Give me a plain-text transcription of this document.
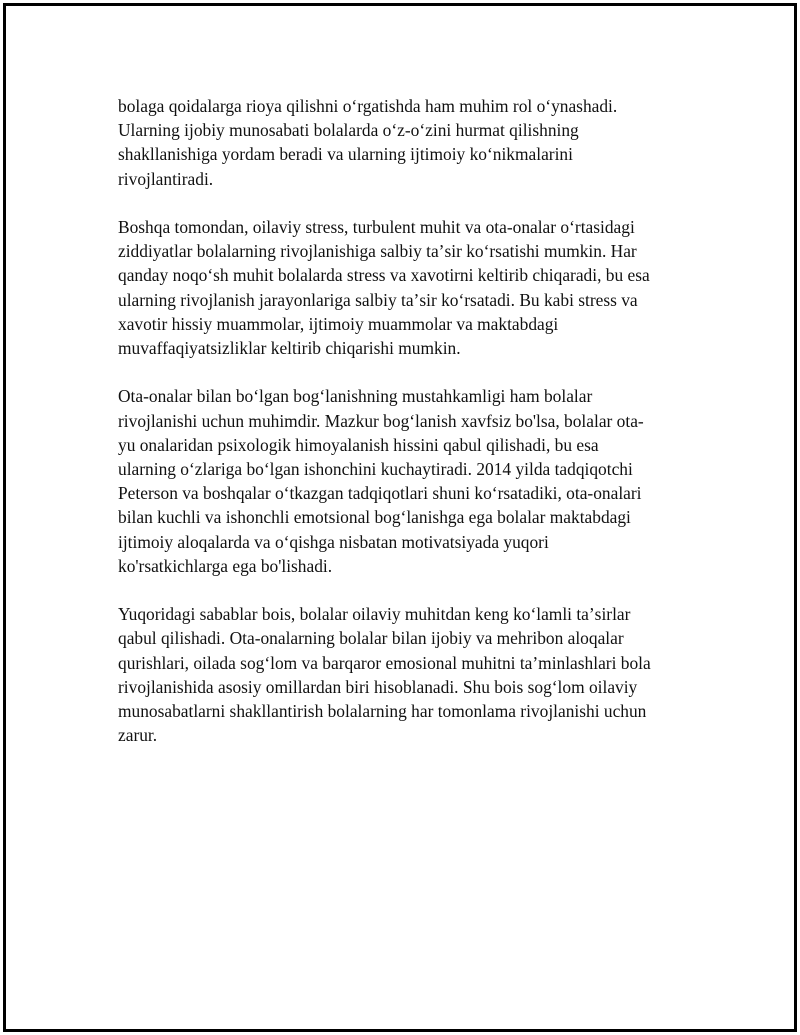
bolaga qoidalarga rioya qilishni oʻrgatishda ham muhim rol oʻynashadi.
Ularning ijobiy munosabati bolalarda oʻz-oʻzini hurmat qilishning
shakllanishiga yordam beradi va ularning ijtimoiy koʻnikmalarini
rivojlantiradi.

Boshqa tomondan, oilaviy stress, turbulent muhit va ota-onalar oʻrtasidagi
ziddiyatlar bolalarning rivojlanishiga salbiy taʼsir koʻrsatishi mumkin. Har
qanday noqoʻsh muhit bolalarda stress va xavotirni keltirib chiqaradi, bu esa
ularning rivojlanish jarayonlariga salbiy taʼsir koʻrsatadi. Bu kabi stress va
xavotir hissiy muammolar, ijtimoiy muammolar va maktabdagi
muvaffaqiyatsizliklar keltirib chiqarishi mumkin.

Ota-onalar bilan boʻlgan bogʻlanishning mustahkamligi ham bolalar
rivojlanishi uchun muhimdir. Mazkur bogʻlanish xavfsiz bo'lsa, bolalar ota-
yu onalaridan psixologik himoyalanish hissini qabul qilishadi, bu esa
ularning oʻzlariga boʻlgan ishonchini kuchaytiradi. 2014 yilda tadqiqotchi
Peterson va boshqalar oʻtkazgan tadqiqotlari shuni koʻrsatadiki, ota-onalari
bilan kuchli va ishonchli emotsional bogʻlanishga ega bolalar maktabdagi
ijtimoiy aloqalarda va oʻqishga nisbatan motivatsiyada yuqori
ko'rsatkichlarga ega bo'lishadi.

Yuqoridagi sabablar bois, bolalar oilaviy muhitdan keng koʻlamli taʼsirlar
qabul qilishadi. Ota-onalarning bolalar bilan ijobiy va mehribon aloqalar
qurishlari, oilada sogʻlom va barqaror emosional muhitni taʼminlashlari bola
rivojlanishida asosiy omillardan biri hisoblanadi. Shu bois sogʻlom oilaviy
munosabatlarni shakllantirish bolalarning har tomonlama rivojlanishi uchun
zarur.
